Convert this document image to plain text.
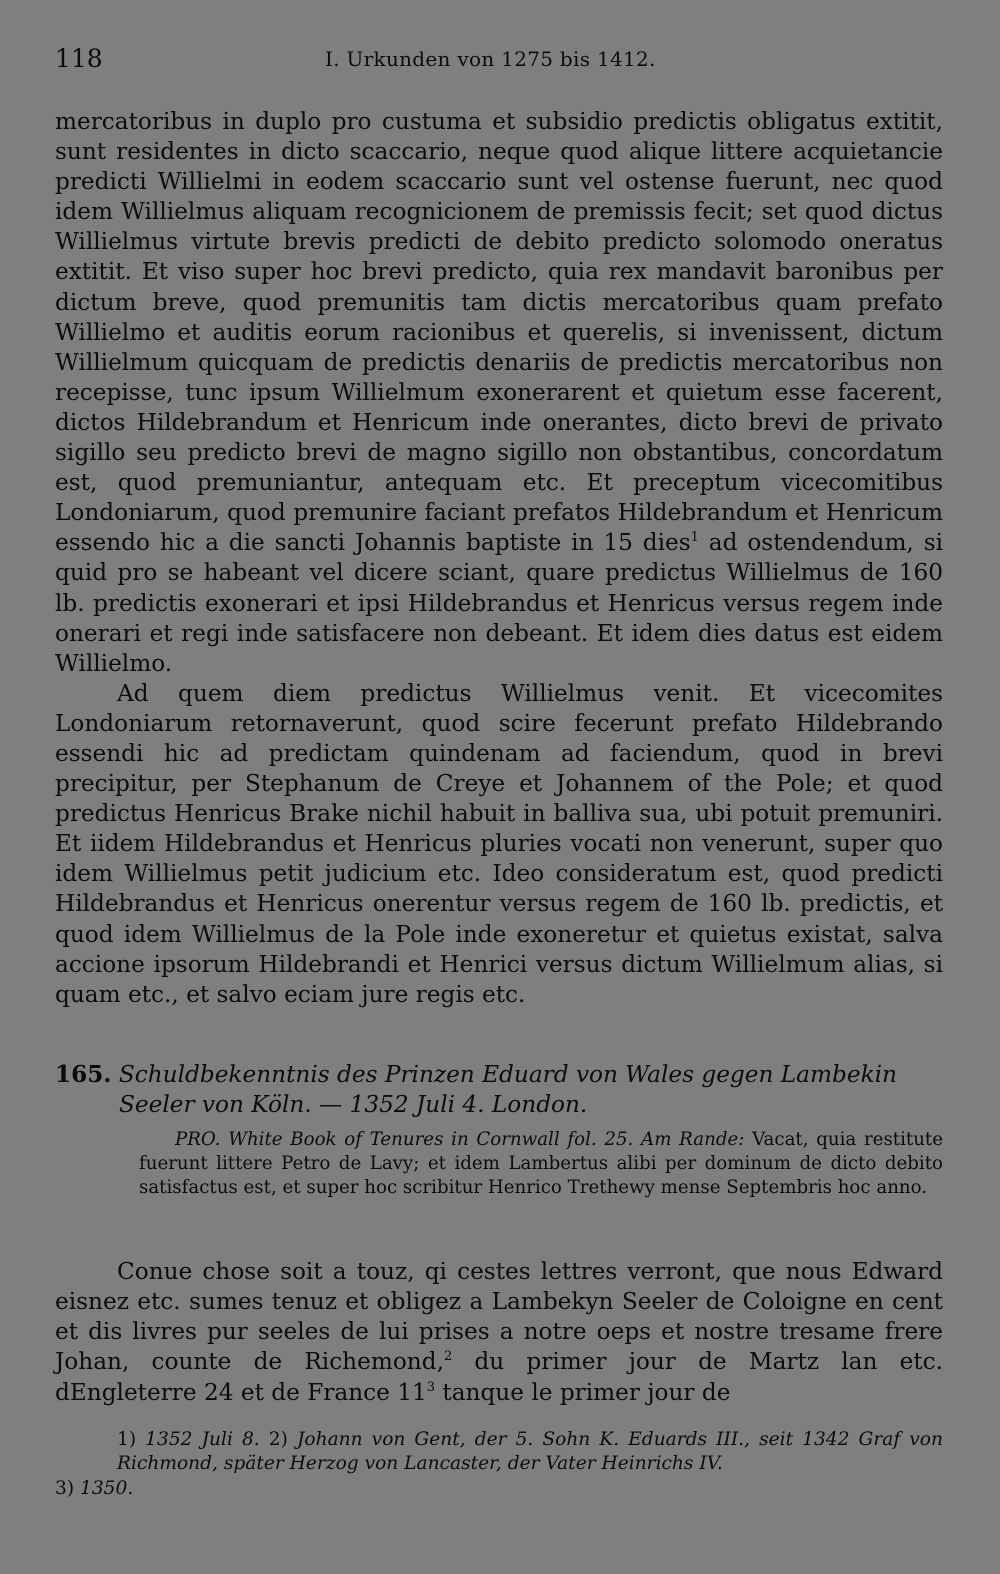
118	I. Urkunden von 1275 bis 1412.

mercatoribus in duplo pro custuma et subsidio predictis obligatus extitit, sunt residentes in dicto scaccario, neque quod alique littere acquietancie predicti Willielmi in eodem scaccario sunt vel ostense fuerunt, nec quod idem Willielmus aliquam recognicionem de premissis fecit; set quod dictus Willielmus virtute brevis predicti de debito predicto solomodo oneratus extitit. Et viso super hoc brevi predicto, quia rex mandavit baronibus per dictum breve, quod premunitis tam dictis mercatoribus quam prefato Willielmo et auditis eorum racionibus et querelis, si invenissent, dictum Willielmum quicquam de predictis denariis de predictis mercatoribus non recepisse, tunc ipsum Willielmum exonerarent et quietum esse facerent, dictos Hildebrandum et Henricum inde onerantes, dicto brevi de privato sigillo seu predicto brevi de magno sigillo non obstantibus, concordatum est, quod premuniantur, antequam etc. Et preceptum vicecomitibus Londoniarum, quod premunire faciant prefatos Hildebrandum et Henricum essendo hic a die sancti Johannis baptiste in 15 dies$^1$ ad ostendendum, si quid pro se habeant vel dicere sciant, quare predictus Willielmus de 160 lb. predictis exonerari et ipsi Hildebrandus et Henricus versus regem inde onerari et regi inde satisfacere non debeant. Et idem dies datus est eidem Willielmo.

Ad quem diem predictus Willielmus venit. Et vicecomites Londoniarum retornaverunt, quod scire fecerunt prefato Hildebrando essendi hic ad predictam quindenam ad faciendum, quod in brevi precipitur, per Stephanum de Creye et Johannem of the Pole; et quod predictus Henricus Brake nichil habuit in balliva sua, ubi potuit premuniri. Et iidem Hildebrandus et Henricus pluries vocati non venerunt, super quo idem Willielmus petit judicium etc. Ideo consideratum est, quod predicti Hildebrandus et Henricus onerentur versus regem de 160 lb. predictis, et quod idem Willielmus de la Pole inde exoneretur et quietus existat, salva accione ipsorum Hildebrandi et Henrici versus dictum Willielmum alias, si quam etc., et salvo eciam jure regis etc.

165. Schuldbekenntnis des Prinzen Eduard von Wales gegen Lambekin Seeler von Köln. — 1352 Juli 4. London.

PRO. White Book of Tenures in Cornwall fol. 25. Am Rande: Vacat, quia restitute fuerunt littere Petro de Lavy; et idem Lambertus alibi per dominum de dicto debito satisfactus est, et super hoc scribitur Henrico Trethewy mense Septembris hoc anno.

Conue chose soit a touz, qi cestes lettres verront, que nous Edward eisnez etc. sumes tenuz et obligez a Lambekyn Seeler de Coloigne en cent et dis livres pur seeles de lui prises a notre oeps et nostre tresame frere Johan, counte de Richemond,$^2$ du primer jour de Martz lan etc. dEngleterre 24 et de France $11^3$ tanque le primer jour de

1) 1352 Juli 8. 2) Johann von Gent, der 5. Sohn K. Eduards III., seit 1342 Graf von Richmond, später Herzog von Lancaster, der Vater Heinrichs IV.

3) 1350.
